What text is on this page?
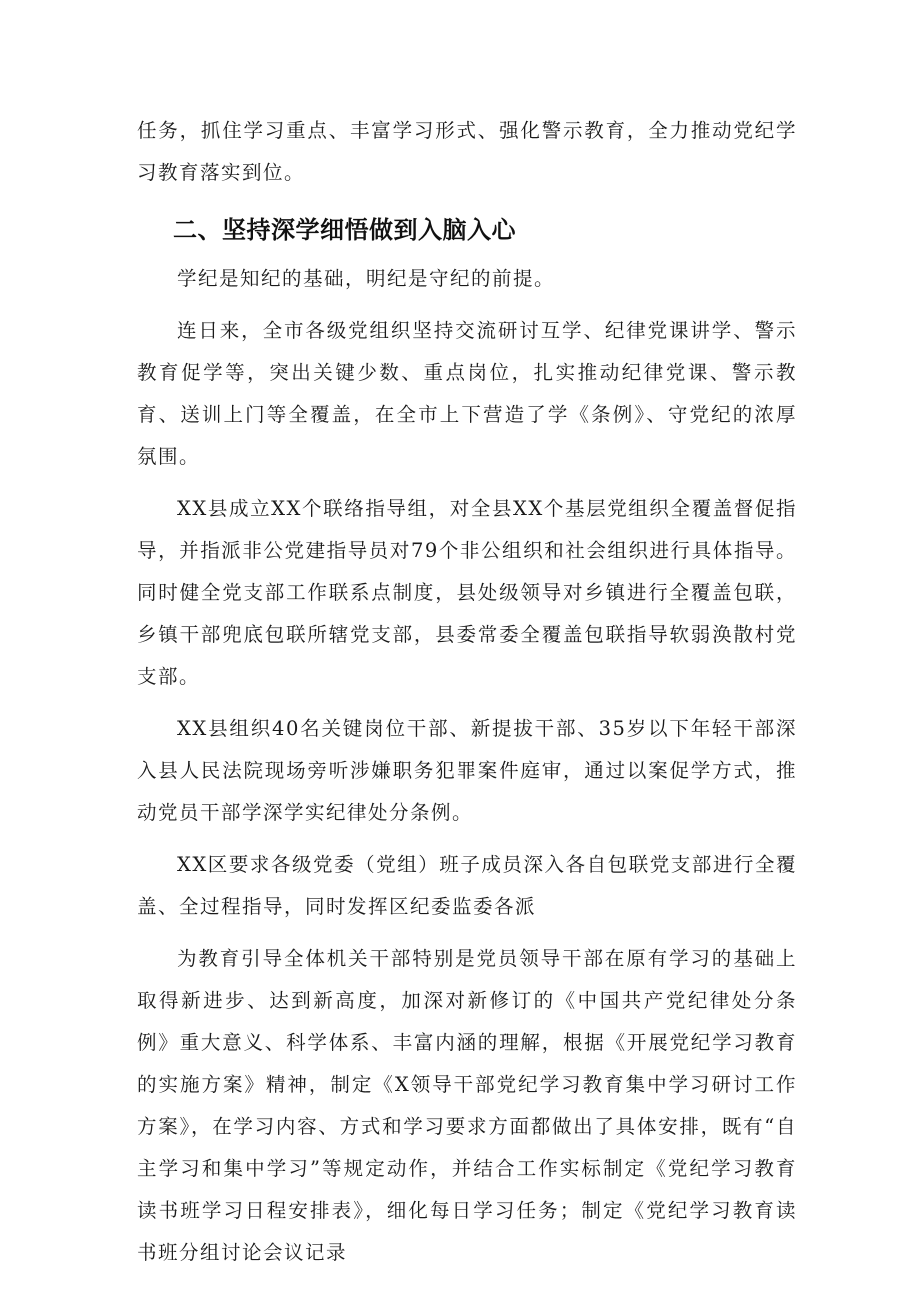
任务，抓住学习重点、丰富学习形式、强化警示教育，全力推动党纪学习教育落实到位。

二、坚持深学细悟做到入脑入心

学纪是知纪的基础，明纪是守纪的前提。

连日来，全市各级党组织坚持交流研讨互学、纪律党课讲学、警示教育促学等，突出关键少数、重点岗位，扎实推动纪律党课、警示教育、送训上门等全覆盖，在全市上下营造了学《条例》、守党纪的浓厚氛围。

XX县成立XX个联络指导组，对全县XX个基层党组织全覆盖督促指导，并指派非公党建指导员对79个非公组织和社会组织进行具体指导。同时健全党支部工作联系点制度，县处级领导对乡镇进行全覆盖包联，乡镇干部兜底包联所辖党支部，县委常委全覆盖包联指导软弱涣散村党支部。

XX县组织40名关键岗位干部、新提拔干部、35岁以下年轻干部深入县人民法院现场旁听涉嫌职务犯罪案件庭审，通过以案促学方式，推动党员干部学深学实纪律处分条例。

XX区要求各级党委（党组）班子成员深入各自包联党支部进行全覆盖、全过程指导，同时发挥区纪委监委各派

为教育引导全体机关干部特别是党员领导干部在原有学习的基础上取得新进步、达到新高度，加深对新修订的《中国共产党纪律处分条例》重大意义、科学体系、丰富内涵的理解，根据《开展党纪学习教育的实施方案》精神，制定《X领导干部党纪学习教育集中学习研讨工作方案》，在学习内容、方式和学习要求方面都做出了具体安排，既有“自主学习和集中学习”等规定动作，并结合工作实标制定《党纪学习教育读书班学习日程安排表》，细化每日学习任务；制定《党纪学习教育读书班分组讨论会议记录
